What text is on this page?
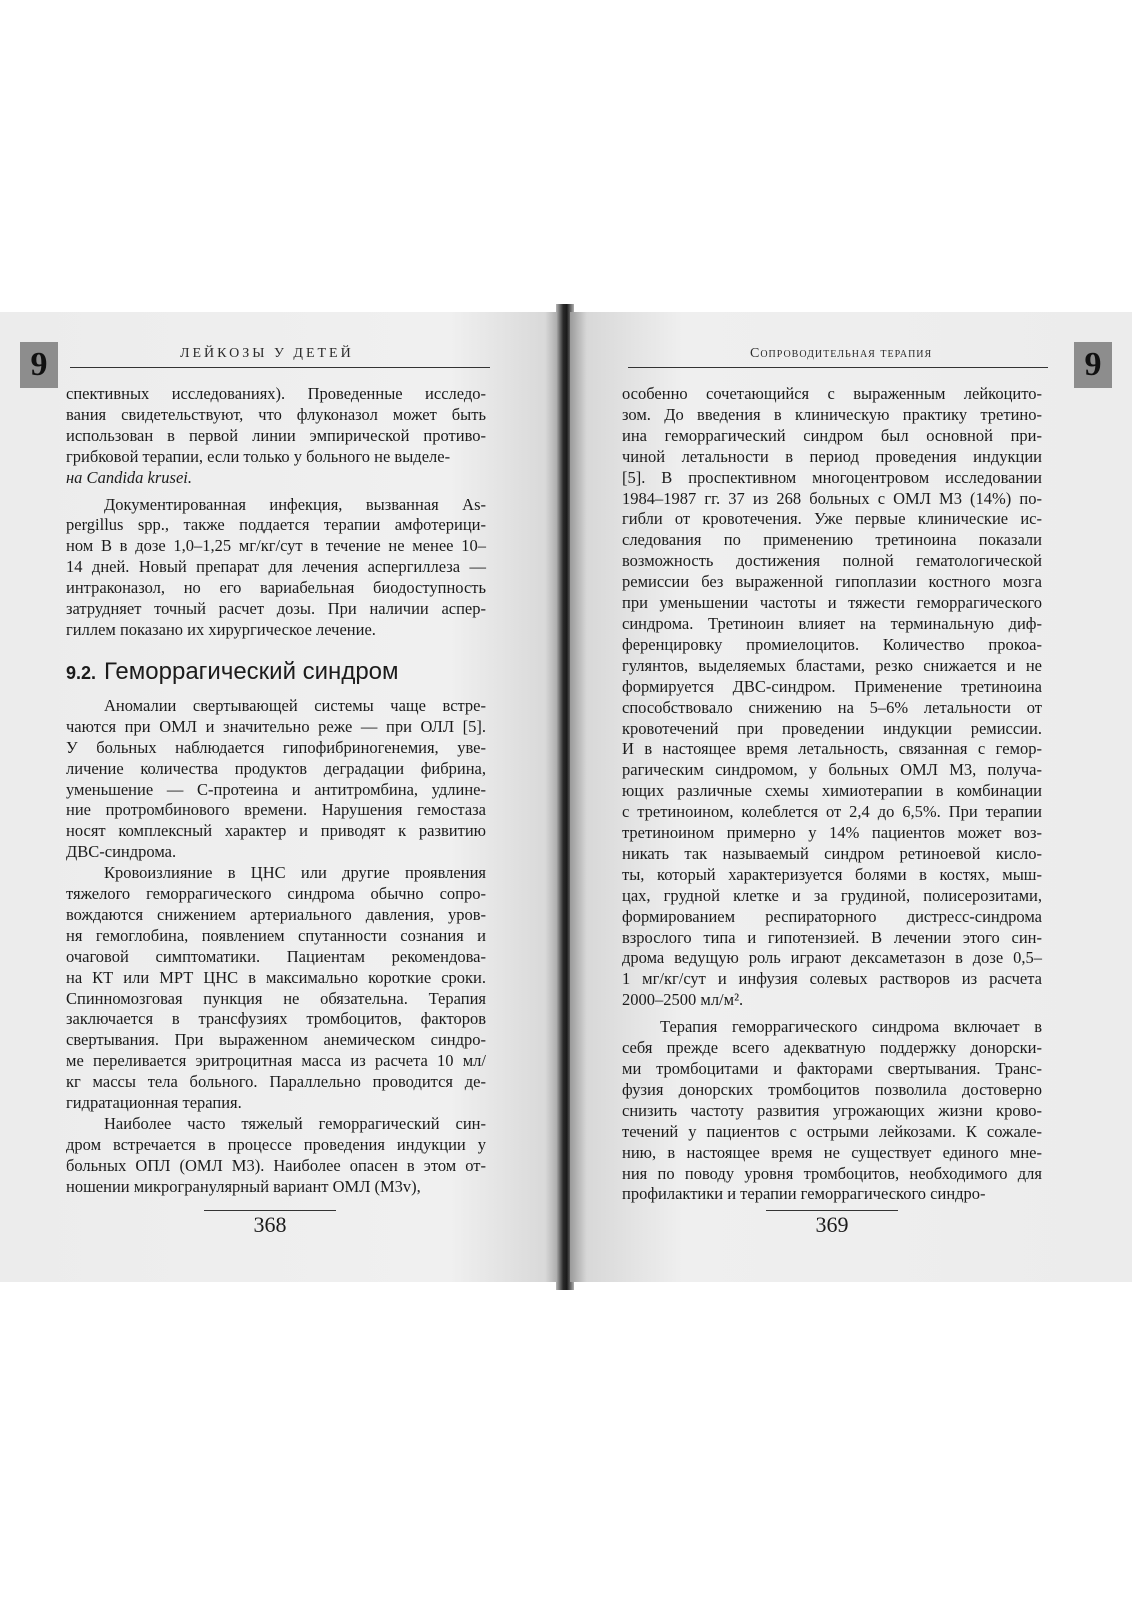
9	ЛЕЙКОЗЫ У ДЕТЕЙ
спективных исследованиях). Проведенные исследо-
вания свидетельствуют, что флуконазол может быть
использован в первой линии эмпирической противо-
грибковой терапии, если только у больного не выделе-
на Candida krusei.
Документированная инфекция, вызванная As-
pergillus spp., также поддается терапии амфотерици-
ном В в дозе 1,0–1,25 мг/кг/сут в течение не менее 10–
14 дней. Новый препарат для лечения аспергиллеза —
интраконазол, но его вариабельная биодоступность
затрудняет точный расчет дозы. При наличии аспер-
гиллем показано их хирургическое лечение.

9.2. Геморрагический синдром

Аномалии свертывающей системы чаще встре-
чаются при ОМЛ и значительно реже — при ОЛЛ [5].
У больных наблюдается гипофибриногенемия, уве-
личение количества продуктов деградации фибрина,
уменьшение — С-протеина и антитромбина, удлине-
ние протромбинового времени. Нарушения гемостаза
носят комплексный характер и приводят к развитию
ДВС-синдрома.
Кровоизлияние в ЦНС или другие проявления
тяжелого геморрагического синдрома обычно сопро-
вождаются снижением артериального давления, уров-
ня гемоглобина, появлением спутанности сознания и
очаговой симптоматики. Пациентам рекомендова-
на КТ или МРТ ЦНС в максимально короткие сроки.
Спинномозговая пункция не обязательна. Терапия
заключается в трансфузиях тромбоцитов, факторов
свертывания. При выраженном анемическом синдро-
ме переливается эритроцитная масса из расчета 10 мл/
кг массы тела больного. Параллельно проводится де-
гидратационная терапия.
Наиболее часто тяжелый геморрагический син-
дром встречается в процессе проведения индукции у
больных ОПЛ (ОМЛ М3). Наиболее опасен в этом от-
ношении микрогранулярный вариант ОМЛ (М3v),
368
9
Сопроводительная терапия
особенно сочетающийся с выраженным лейкоцито-
зом. До введения в клиническую практику третино-
ина геморрагический синдром был основной при-
чиной летальности в период проведения индукции
[5]. В проспективном многоцентровом исследовании
1984–1987 гг. 37 из 268 больных с ОМЛ М3 (14%) по-
гибли от кровотечения. Уже первые клинические ис-
следования по применению третиноина показали
возможность достижения полной гематологической
ремиссии без выраженной гипоплазии костного мозга
при уменьшении частоты и тяжести геморрагического
синдрома. Третиноин влияет на терминальную диф-
ференцировку промиелоцитов. Количество прокоа-
гулянтов, выделяемых бластами, резко снижается и не
формируется ДВС-синдром. Применение третиноина
способствовало снижению на 5–6% летальности от
кровотечений при проведении индукции ремиссии.
И в настоящее время летальность, связанная с гемор-
рагическим синдромом, у больных ОМЛ М3, получа-
ющих различные схемы химиотерапии в комбинации
с третиноином, колеблется от 2,4 до 6,5%. При терапии
третиноином примерно у 14% пациентов может воз-
никать так называемый синдром ретиноевой кисло-
ты, который характеризуется болями в костях, мыш-
цах, грудной клетке и за грудиной, полисерозитами,
формированием респираторного дистресс-синдрома
взрослого типа и гипотензией. В лечении этого син-
дрома ведущую роль играют дексаметазон в дозе 0,5–
1 мг/кг/сут и инфузия солевых растворов из расчета
2000–2500 мл/м².
Терапия геморрагического синдрома включает в
себя прежде всего адекватную поддержку донорски-
ми тромбоцитами и факторами свертывания. Транс-
фузия донорских тромбоцитов позволила достоверно
снизить частоту развития угрожающих жизни крово-
течений у пациентов с острыми лейкозами. К сожале-
нию, в настоящее время не существует единого мне-
ния по поводу уровня тромбоцитов, необходимого для
профилактики и терапии геморрагического синдро-
369
